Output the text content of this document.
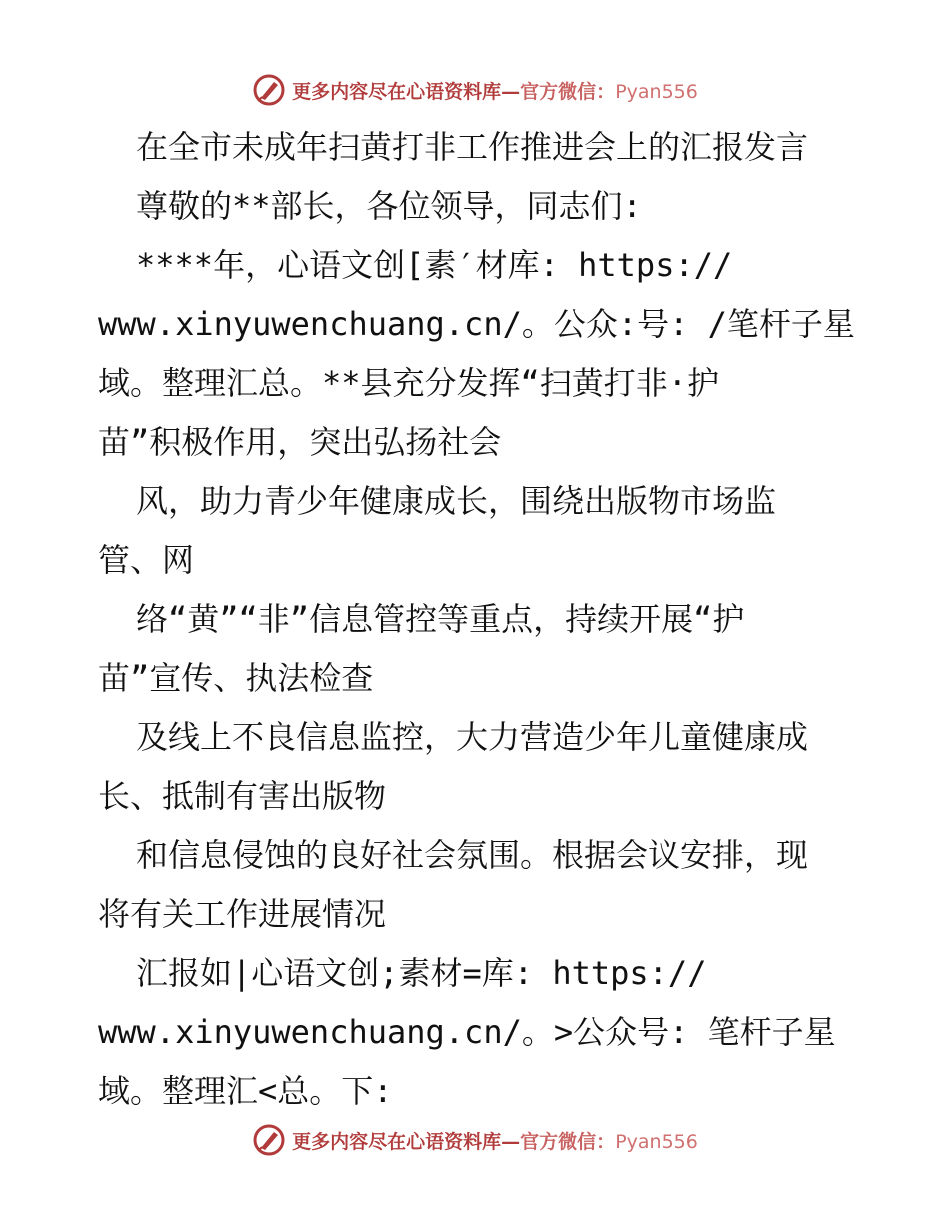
更多内容尽在心语资料库—官方微信：Pyan556
在全市未成年扫黄打非工作推进会上的汇报发言
尊敬的**部长，各位领导，同志们:
****年，心语文创[素′材库: https://
www.xinyuwenchuang.cn/。公众:号: /笔杆子星
域。整理汇总。**县充分发挥“扫黄打非·护
苗”积极作用，突出弘扬社会
风，助力青少年健康成长，围绕出版物市场监
管、网
络“黄”“非”信息管控等重点，持续开展“护
苗”宣传、执法检查
及线上不良信息监控，大力营造少年儿童健康成
长、抵制有害出版物
和信息侵蚀的良好社会氛围。根据会议安排，现
将有关工作进展情况
汇报如|心语文创;素材=库: https://
www.xinyuwenchuang.cn/。>公众号: 笔杆子星
域。整理汇<总。下:
更多内容尽在心语资料库—官方微信：Pyan556
